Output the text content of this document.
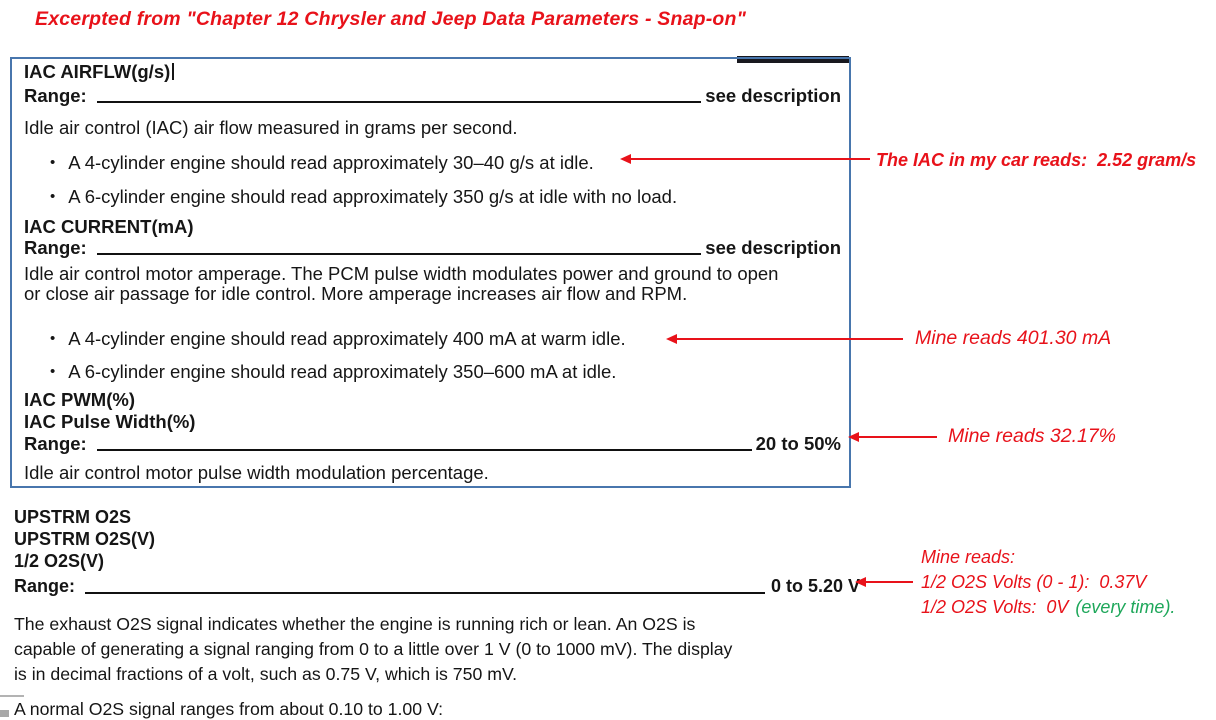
Excerpted from "Chapter 12 Chrysler and Jeep Data Parameters - Snap-on"
IAC AIRFLW(g/s)
Range:	see description
Idle air control (IAC) air flow measured in grams per second.
• A 4-cylinder engine should read approximately 30–40 g/s at idle.
• A 6-cylinder engine should read approximately 350 g/s at idle with no load.
IAC CURRENT(mA)
Range:	see description
Idle air control motor amperage. The PCM pulse width modulates power and ground to open
or close air passage for idle control. More amperage increases air flow and RPM.
• A 4-cylinder engine should read approximately 400 mA at warm idle.
• A 6-cylinder engine should read approximately 350–600 mA at idle.
IAC PWM(%)
IAC Pulse Width(%)
Range:	20 to 50%
Idle air control motor pulse width modulation percentage.
UPSTRM O2S
UPSTRM O2S(V)
1/2 O2S(V)
Range:	0 to 5.20 V
The exhaust O2S signal indicates whether the engine is running rich or lean. An O2S is
capable of generating a signal ranging from 0 to a little over 1 V (0 to 1000 mV). The display
is in decimal fractions of a volt, such as 0.75 V, which is 750 mV.
A normal O2S signal ranges from about 0.10 to 1.00 V:
The IAC in my car reads:  2.52 gram/s
Mine reads 401.30 mA
Mine reads 32.17%
Mine reads:
1/2 O2S Volts (0 - 1):  0.37V
1/2 O2S Volts:  0V (every time).
